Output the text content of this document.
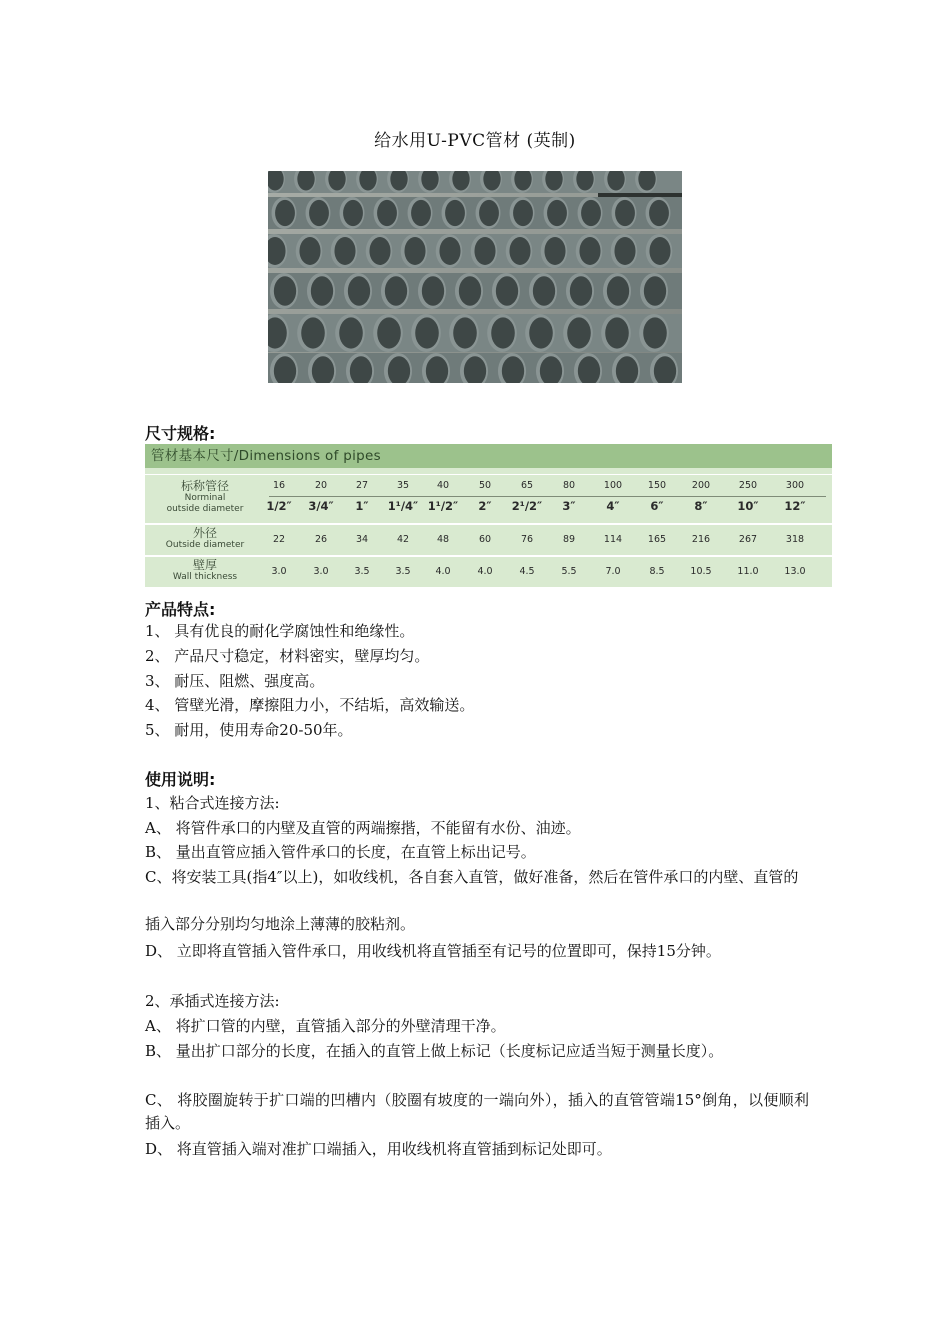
给水用U-PVC管材 (英制)
尺寸规格:
管材基本尺寸/Dimensions of pipes
标称管径
Norminal
outside diameter
16	20	27	35	40	50	65	80	100	150	200	250	300
1/2″	3/4″	1″	1¹/4″ 1¹/2″	2″	2¹/2″	3″	4″	6″	8″	10″	12″
外径
Outside diameter	22	26	34	42	48	60	76	89	114	165	216	267	318
壁厚
Wall thickness	3.0	3.0	3.5	3.5	4.0	4.0	4.5	5.5	7.0	8.5	10.5	11.0	13.0
产品特点:
1、 具有优良的耐化学腐蚀性和绝缘性。
2、 产品尺寸稳定，材料密实，壁厚均匀。
3、 耐压、阻燃、强度高。
4、 管壁光滑，摩擦阻力小，不结垢，高效输送。
5、 耐用，使用寿命20-50年。
使用说明:
1、粘合式连接方法:
A、 将管件承口的内壁及直管的两端擦揩，不能留有水份、油迹。
B、 量出直管应插入管件承口的长度，在直管上标出记号。
C、将安装工具(指4″以上)，如收线机，各自套入直管，做好准备，然后在管件承口的内壁、直管的
插入部分分别均匀地涂上薄薄的胶粘剂。
D、 立即将直管插入管件承口，用收线机将直管插至有记号的位置即可，保持15分钟。
2、承插式连接方法:
A、 将扩口管的内壁，直管插入部分的外壁清理干净。
B、 量出扩口部分的长度，在插入的直管上做上标记（长度标记应适当短于测量长度）。
C、 将胶圈旋转于扩口端的凹槽内（胶圈有坡度的一端向外），插入的直管管端15°倒角，以便顺利插入。
D、 将直管插入端对准扩口端插入，用收线机将直管插到标记处即可。
